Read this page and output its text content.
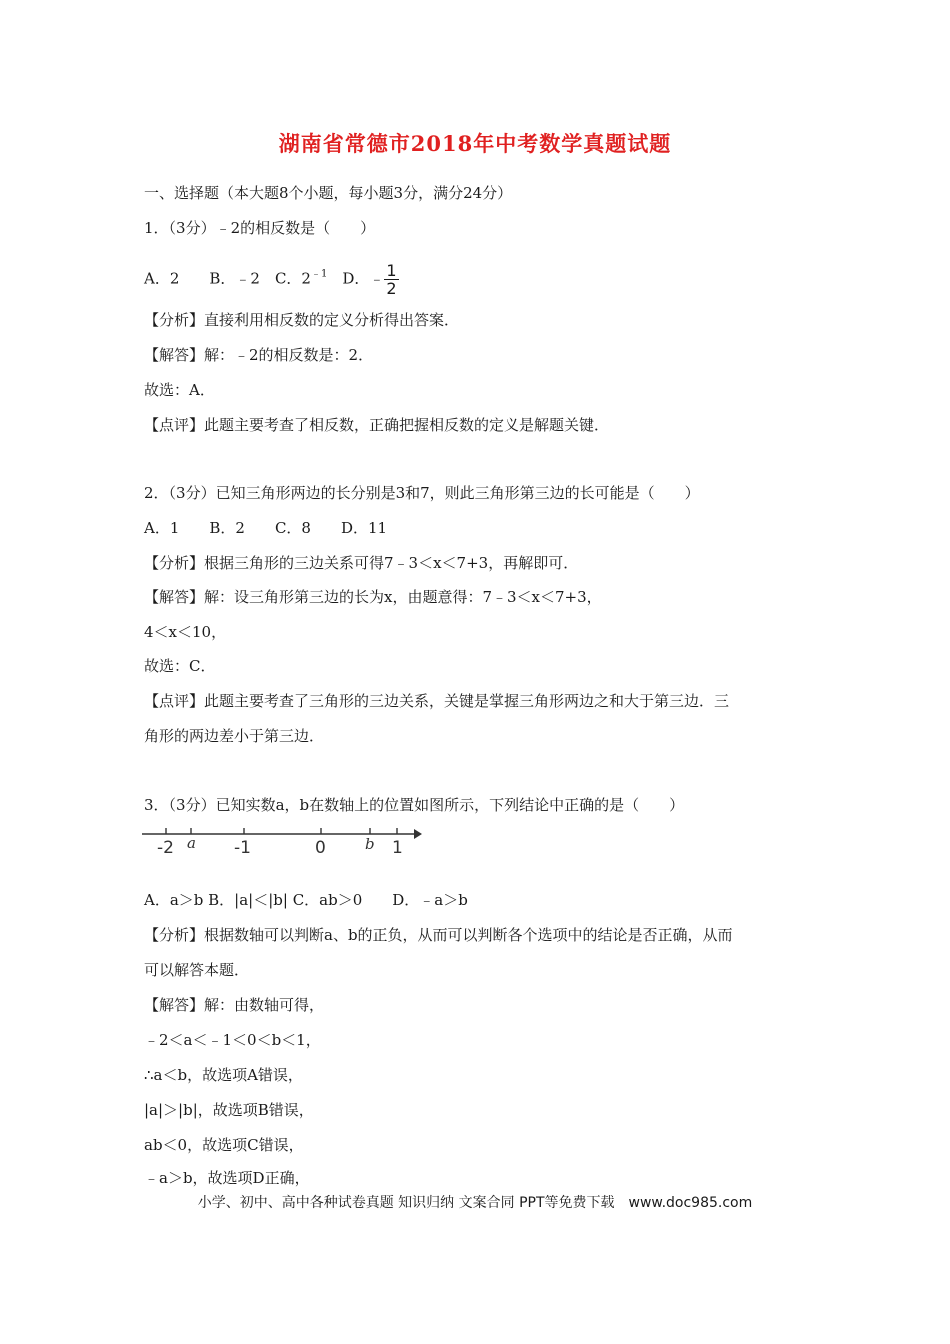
湖南省常德市2018年中考数学真题试题
一、选择题（本大题8个小题，每小题3分，满分24分）
1．（3分）﹣2的相反数是（　　）
A．2　　B．﹣2　C．$2^{﹣1}$　D．﹣ $\frac{1}{2}$
【分析】直接利用相反数的定义分析得出答案．
【解答】解：﹣2的相反数是：2．
故选：A．
【点评】此题主要考查了相反数，正确把握相反数的定义是解题关键．
2．（3分）已知三角形两边的长分别是3和7，则此三角形第三边的长可能是（　　）
A．1　　B．2　　C．8　　D．11
【分析】根据三角形的三边关系可得7﹣3＜x＜7+3，再解即可．
【解答】解：设三角形第三边的长为x，由题意得：7﹣3＜x＜7+3，
4＜x＜10，
故选：C．
【点评】此题主要考查了三角形的三边关系，关键是掌握三角形两边之和大于第三边．三
角形的两边差小于第三边．
3．（3分）已知实数a，b在数轴上的位置如图所示，下列结论中正确的是（　　）
-2 a -1	0	b 1
A．a＞b B．|a|＜|b| C．ab＞0　　D．﹣a＞b
【分析】根据数轴可以判断a、b的正负，从而可以判断各个选项中的结论是否正确，从而
可以解答本题．
【解答】解：由数轴可得，
﹣2＜a＜﹣1＜0＜b＜1，
∴a＜b，故选项A错误，
|a|＞|b|，故选项B错误，
ab＜0，故选项C错误，
﹣a＞b，故选项D正确，
小学、初中、高中各种试卷真题 知识归纳 文案合同 PPT等免费下载　www.doc985.com
